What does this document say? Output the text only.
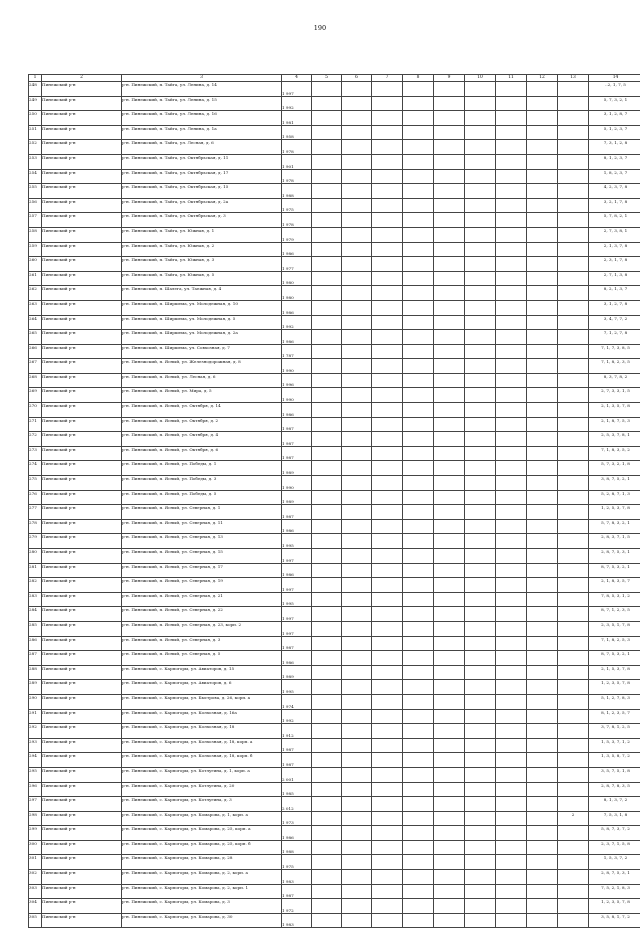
190
1	2	3	4	5	6	7	8	9	10	11	12	13	14
248	Пинежский р-н	р-н. Пинежский, п. Тайга, ул. Ленина, д. 14	1 997										..2, 1, 7, 5
249	Пинежский р-н	р-н. Пинежский, п. Тайга, ул. Ленина, д. 15	1 992										5, 7, 3, 2, 1
250	Пинежский р-н	р-н. Пинежский, п. Тайга, ул. Ленина, д. 16	1 981										3, 1, 2, 8, 7
251	Пинежский р-н	р-н. Пинежский, п. Тайга, ул. Ленина, д. 1а	1 958										5, 1, 2, 3, 7
252	Пинежский р-н	р-н. Пинежский, п. Тайга, ул. Лесная, д. 6	1 978										7, 3, 1, 2, 8
253	Пинежский р-н	р-н. Пинежский, п. Тайга, ул. Октябрьская, д. 11	1 901										8, 1, 2, 3, 7
254	Пинежский р-н	р-н. Пинежский, п. Тайга, ул. Октябрьская, д. 17	1 978										1, 8, 2, 3, 7
255	Пинежский р-н	р-н. Пинежский, п. Тайга, ул. Октябрьская, д. 15	1 988										4, 2, 3, 7, 8
256	Пинежский р-н	р-н. Пинежский, п. Тайга, ул. Октябрьская, д. 2а	1 975										3, 2, 1, 7, 8
257	Пинежский р-н	р-н. Пинежский, п. Тайга, ул. Октябрьская, д. 3	1 978										5, 7, 8, 2, 1
258	Пинежский р-н	р-н. Пинежский, п. Тайга, ул. Южная, д. 1	1 979										2, 7, 3, 8, 1
259	Пинежский р-н	р-н. Пинежский, п. Тайга, ул. Южная, д. 2	1 986										2, 1, 3, 7, 8
260	Пинежский р-н	р-н. Пинежский, п. Тайга, ул. Южная, д. 3	1 977										2, 3, 1, 7, 8
261	Пинежский р-н	р-н. Пинежский, п. Тайга, ул. Южная, д. 5	1 980										2, 7, 1, 3, 8
262	Пинежский р-н	р-н. Пинежский, п. Шалега, ул. Таежная, д. 4	1 980										8, 2, 1, 3, 7
263	Пинежский р-н	р-н. Пинежский, п. Ширшема, ул. Молодежная, д. 10	1 986										3, 1, 2, 7, 8
264	Пинежский р-н	р-н. Пинежский, п. Ширшема, ул. Молодежная, д. 5	1 992										3, 4, 7, 7, 2
265	Пинежский р-н	р-н. Пинежский, п. Ширшема, ул. Молодежная, д. 2а	1 986										7, 1, 2, 7, 8
266	Пинежский р-н	р-н. Пинежский, п. Ширшема, ул. Совхозная, д. 7	1 787										7, 1, 7, 3, 8, 5
267	Пинежский р-н	р-н. Пинежский, п. Ясный, ул. Железнодорожная, д. 8	1 990										7, 1, 8, 2, 3, 5
268	Пинежский р-н	р-н. Пинежский, п. Ясный, ул. Лесная, д. 6	1 996										8, 3, 7, 8, 2
269	Пинежский р-н	р-н. Пинежский, п. Ясный, ул. Мира, д. 5	1 990										2, 7, 3, 3, 1, 5
270	Пинежский р-н	р-н. Пинежский, п. Ясный, ул. Октября, д. 14	1 986										2, 1, 3, 5, 7, 8
271	Пинежский р-н	р-н. Пинежский, п. Ясный, ул. Октября, д. 2	1 987										2, 1, 8, 7, 5, 3
272	Пинежский р-н	р-н. Пинежский, п. Ясный, ул. Октября, д. 4	1 987										2, 5, 3, 7, 8, 1
273	Пинежский р-н	р-н. Пинежский, п. Ясный, ул. Октября, д. 6	1 987										7, 1, 8, 3, 5, 2
274	Пинежский р-н	р-н. Пинежский, п. Ясный, ул. Победы, д. 1	1 989										5, 7, 3, 2, 1, 8
275	Пинежский р-н	р-н. Пинежский, п. Ясный, ул. Победы, д. 3	1 990										3, 8, 7, 5, 2, 1
276	Пинежский р-н	р-н. Пинежский, п. Ясный, ул. Победы, д. 5	1 989										5, 2, 8, 7, 1, 3
277	Пинежский р-н	р-н. Пинежский, п. Ясный, ул. Северная, д. 1	1 987										1, 2, 5, 3, 7, 8
278	Пинежский р-н	р-н. Пинежский, п. Ясный, ул. Северная, д. 11	1 986										5, 7, 8, 3, 2, 1
279	Пинежский р-н	р-н. Пинежский, п. Ясный, ул. Северная, д. 13	1 995										2, 8, 3, 7, 1, 5
280	Пинежский р-н	р-н. Пинежский, п. Ясный, ул. Северная, д. 15	1 997										2, 8, 7, 5, 3, 1
281	Пинежский р-н	р-н. Пинежский, п. Ясный, ул. Северная, д. 17	1 986										8, 7, 5, 3, 2, 1
282	Пинежский р-н	р-н. Пинежский, п. Ясный, ул. Северная, д. 19	1 997										2, 1, 8, 3, 5, 7
283	Пинежский р-н	р-н. Пинежский, п. Ясный, ул. Северная, д. 21	1 995										7, 8, 5, 3, 1, 2
284	Пинежский р-н	р-н. Пинежский, п. Ясный, ул. Северная, д. 22	1 997										8, 7, 1, 2, 3, 5
285	Пинежский р-н	р-н. Пинежский, п. Ясный, ул. Северная, д. 23, корп. 2	1 997										2, 3, 5, 1, 7, 8
286	Пинежский р-н	р-н. Пинежский, п. Ясный, ул. Северная, д. 3	1 987										7, 1, 8, 2, 5, 3
287	Пинежский р-н	р-н. Пинежский, п. Ясный, ул. Северная, д. 5	1 986										8, 7, 5, 3, 2, 1
288	Пинежский р-н	р-н. Пинежский, с. Карпогоры, ул. Авиаторов, д. 15	1 989										2, 1, 5, 3, 7, 8
289	Пинежский р-н	р-н. Пинежский, с. Карпогоры, ул. Авиаторов, д. 6	1 995										1, 2, 3, 5, 7, 8
290	Пинежский р-н	р-н. Пинежский, с. Карпогоры, ул. Быстрова, д. 26, корп. а	1 974										5, 1, 2, 7, 8, 3
291	Пинежский р-н	р-н. Пинежский, с. Карпогоры, ул. Колхозная, д. 16а	1 992										8, 1, 2, 3, 5, 7
292	Пинежский р-н	р-н. Пинежский, с. Карпогоры, ул. Колхозная, д. 18	1 912										3, 7, 8, 1, 2, 5
293	Пинежский р-н	р-н. Пинежский, с. Карпогоры, ул. Колхозная, д. 18, корп. а	1 987										1, 5, 3, 7, 1, 2
294	Пинежский р-н	р-н. Пинежский, с. Карпогоры, ул. Колхозная, д. 18, корп. б	1 987										1, 3, 5, 8, 7, 2
295	Пинежский р-н	р-н. Пинежский, с. Карпогоры, ул. Котлугина, д. 1, корп. а	2 001										3, 5, 7, 5, 1, 8
296	Пинежский р-н	р-н. Пинежский, с. Карпогоры, ул. Котлугина, д. 20	1 985										2, 8, 7, 8, 3, 5
297	Пинежский р-н	р-н. Пинежский, с. Карпогоры, ул. Котлугина, д. 3	2 012										8, 1, 3, 7, 2
298	Пинежский р-н	р-н. Пинежский, с. Карпогоры, ул. Комарова, д. 1, корп. а	1 973									2	7, 5, 3, 1, 8
299	Пинежский р-н	р-н. Пинежский, с. Карпогоры, ул. Комарова, д. 25, корп. а	1 986										5, 8, 7, 3, 7, 2
300	Пинежский р-н	р-н. Пинежский, с. Карпогоры, ул. Комарова, д. 25, корп. б	1 988										2, 3, 7, 1, 5, 8
301	Пинежский р-н	р-н. Пинежский, с. Карпогоры, ул. Комарова, д. 28	1 975										1, 5, 3, 7, 2
302	Пинежский р-н	р-н. Пинежский, с. Карпогоры, ул. Комарова, д. 2, корп. а	1 983										2, 8, 7, 5, 3, 1
303	Пинежский р-н	р-н. Пинежский, с. Карпогоры, ул. Комарова, д. 2, корп. 1	1 987										7, 5, 2, 1, 8, 3
304	Пинежский р-н	р-н. Пинежский, с. Карпогоры, ул. Комарова, д. 3	1 972										1, 2, 3, 5, 7, 8
305	Пинежский р-н	р-н. Пинежский, с. Карпогоры, ул. Комарова, д. 30	1 983										3, 5, 8, 1, 7, 2
